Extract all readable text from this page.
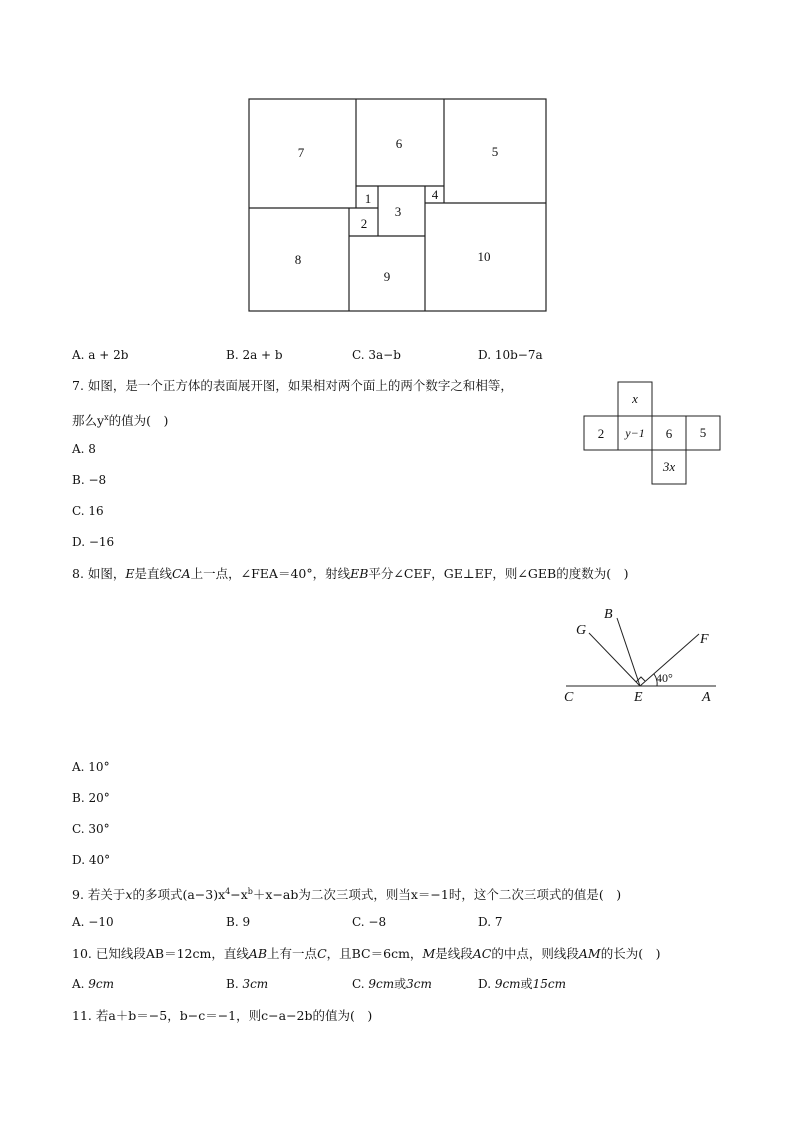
7
6
5
1	4
3
2
8
9
10
A. a + 2b	B. 2a + b	C. 3a−b	D. 10b−7a
7. 如图，是一个正方体的表面展开图，如果相对两个面上的两个数字之和相等，
那么$y^x$的值为(　)
x
2 y−1 6 5
3x
A. 8
B. −8
C. 16
D. −16
8. 如图，E是直线CA上一点，∠FEA＝40°，射线EB平分∠CEF，GE⊥EF，则∠GEB的度数为(　)
G
B
F
C	E	A
40°
A. 10°
B. 20°
C. 30°
D. 40°
9. 若关于x的多项式$(a-3)x^4-x^b+x-ab$为二次三项式，则当x＝−1时，这个二次三项式的值是(　)
A. −10	B. 9	C. −8	D. 7
10. 已知线段AB＝12cm，直线AB上有一点C，且BC＝6cm，M是线段AC的中点，则线段AM的长为(　)
A. 9cm	B. 3cm	C. 9cm或3cm	D. 9cm或15cm
11. 若a＋b＝−5，b−c＝−1，则c−a−2b的值为(　)
